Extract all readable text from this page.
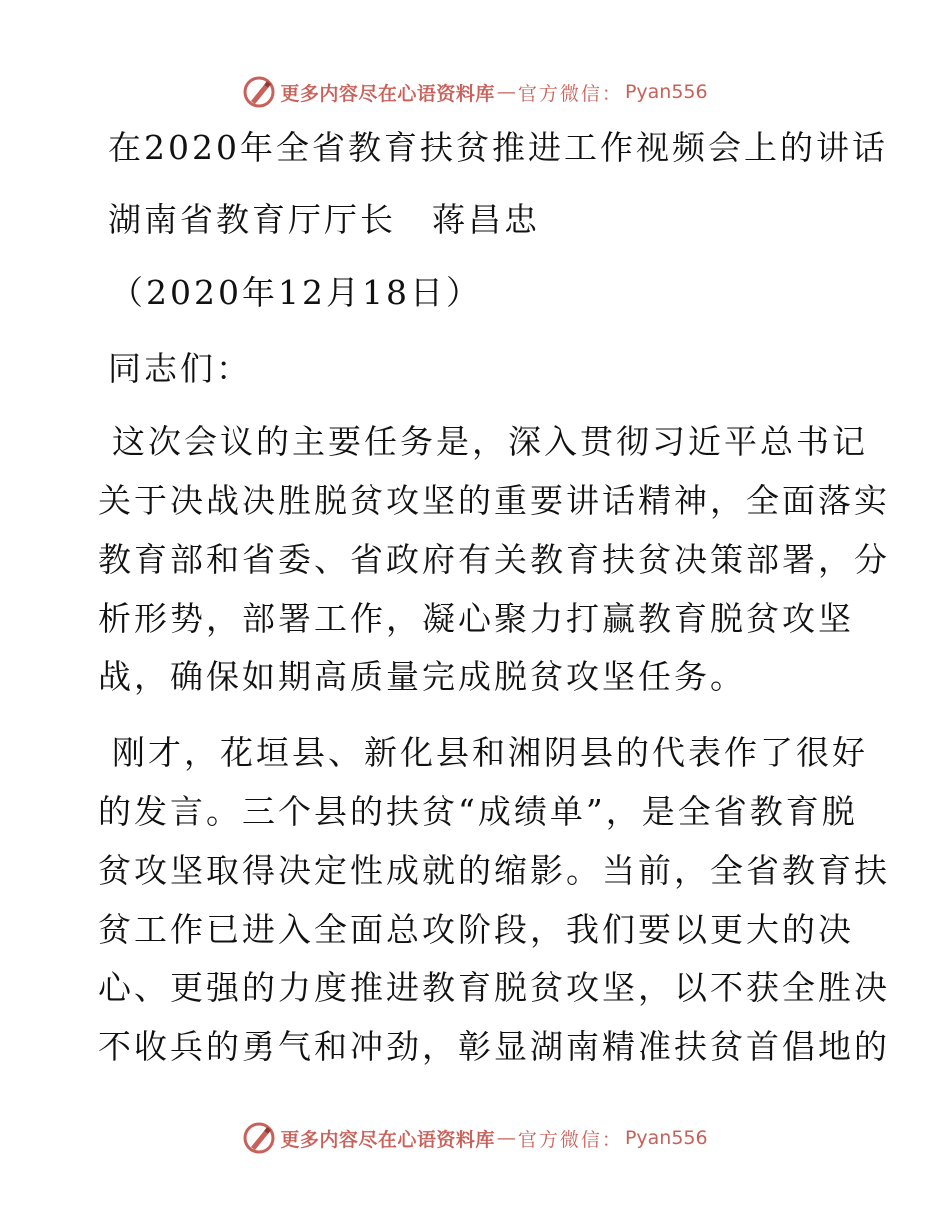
更多内容尽在心语资料库 — 官方微信： Pyan556
在2020年全省教育扶贫推进工作视频会上的讲话
湖南省教育厅厅长　蒋昌忠
（2020年12月18日）
同志们：
这次会议的主要任务是，深入贯彻习近平总书记
关于决战决胜脱贫攻坚的重要讲话精神，全面落实
教育部和省委、省政府有关教育扶贫决策部署，分
析形势，部署工作，凝心聚力打赢教育脱贫攻坚
战，确保如期高质量完成脱贫攻坚任务。
刚才，花垣县、新化县和湘阴县的代表作了很好
的发言。三个县的扶贫“成绩单”，是全省教育脱
贫攻坚取得决定性成就的缩影。当前，全省教育扶
贫工作已进入全面总攻阶段，我们要以更大的决
心、更强的力度推进教育脱贫攻坚，以不获全胜决
不收兵的勇气和冲劲，彰显湖南精准扶贫首倡地的
更多内容尽在心语资料库 — 官方微信： Pyan556
